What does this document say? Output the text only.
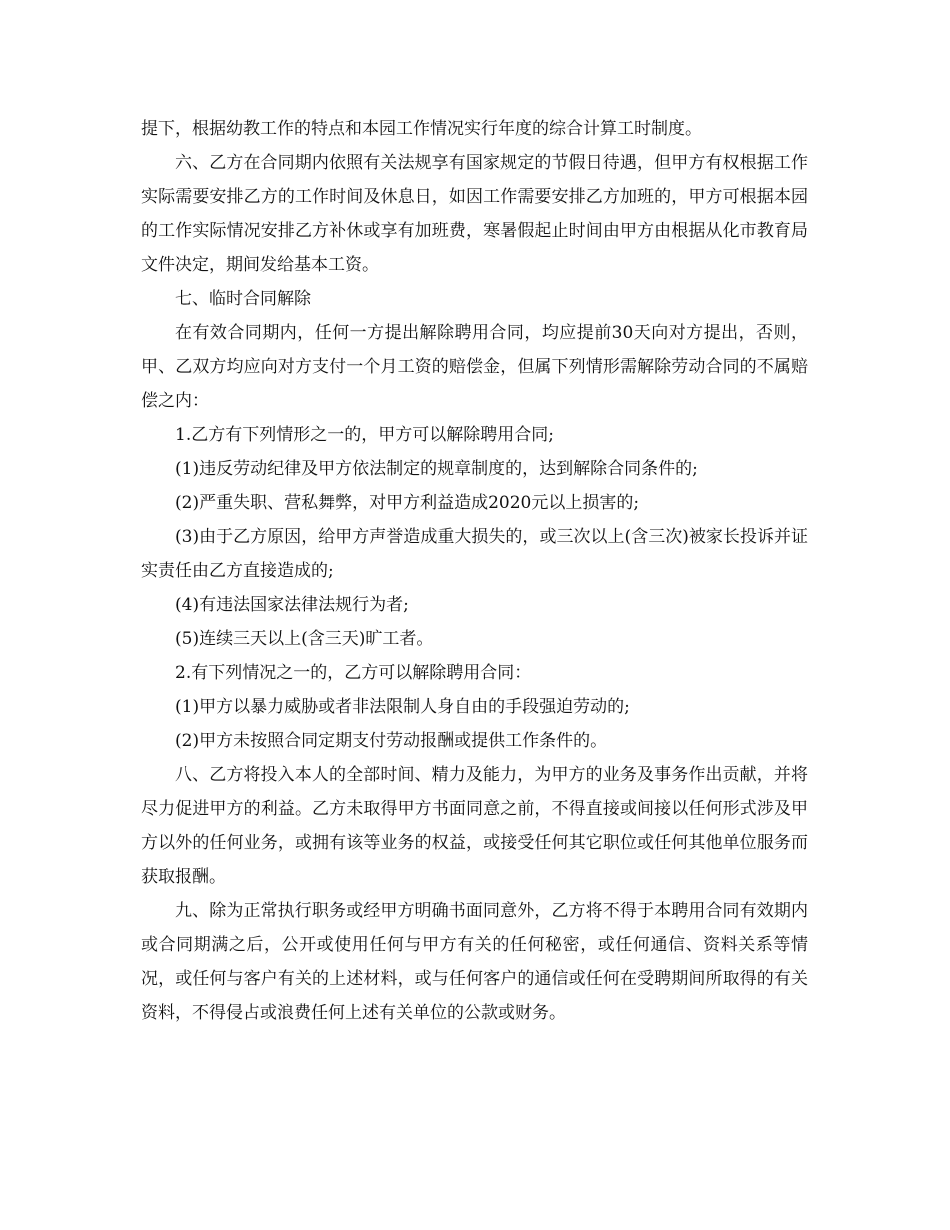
提下，根据幼教工作的特点和本园工作情况实行年度的综合计算工时制度。

六、乙方在合同期内依照有关法规享有国家规定的节假日待遇，但甲方有权根据工作实际需要安排乙方的工作时间及休息日，如因工作需要安排乙方加班的，甲方可根据本园的工作实际情况安排乙方补休或享有加班费，寒暑假起止时间由甲方由根据从化市教育局文件决定，期间发给基本工资。

七、临时合同解除

在有效合同期内，任何一方提出解除聘用合同，均应提前30天向对方提出，否则，甲、乙双方均应向对方支付一个月工资的赔偿金，但属下列情形需解除劳动合同的不属赔偿之内：

1.乙方有下列情形之一的，甲方可以解除聘用合同;

(1)违反劳动纪律及甲方依法制定的规章制度的，达到解除合同条件的;

(2)严重失职、营私舞弊，对甲方利益造成2020元以上损害的;

(3)由于乙方原因，给甲方声誉造成重大损失的，或三次以上(含三次)被家长投诉并证实责任由乙方直接造成的;

(4)有违法国家法律法规行为者;

(5)连续三天以上(含三天)旷工者。

2.有下列情况之一的，乙方可以解除聘用合同：

(1)甲方以暴力威胁或者非法限制人身自由的手段强迫劳动的;

(2)甲方未按照合同定期支付劳动报酬或提供工作条件的。

八、乙方将投入本人的全部时间、精力及能力，为甲方的业务及事务作出贡献，并将尽力促进甲方的利益。乙方未取得甲方书面同意之前，不得直接或间接以任何形式涉及甲方以外的任何业务，或拥有该等业务的权益，或接受任何其它职位或任何其他单位服务而获取报酬。

九、除为正常执行职务或经甲方明确书面同意外，乙方将不得于本聘用合同有效期内或合同期满之后，公开或使用任何与甲方有关的任何秘密，或任何通信、资料关系等情况，或任何与客户有关的上述材料，或与任何客户的通信或任何在受聘期间所取得的有关资料，不得侵占或浪费任何上述有关单位的公款或财务。
